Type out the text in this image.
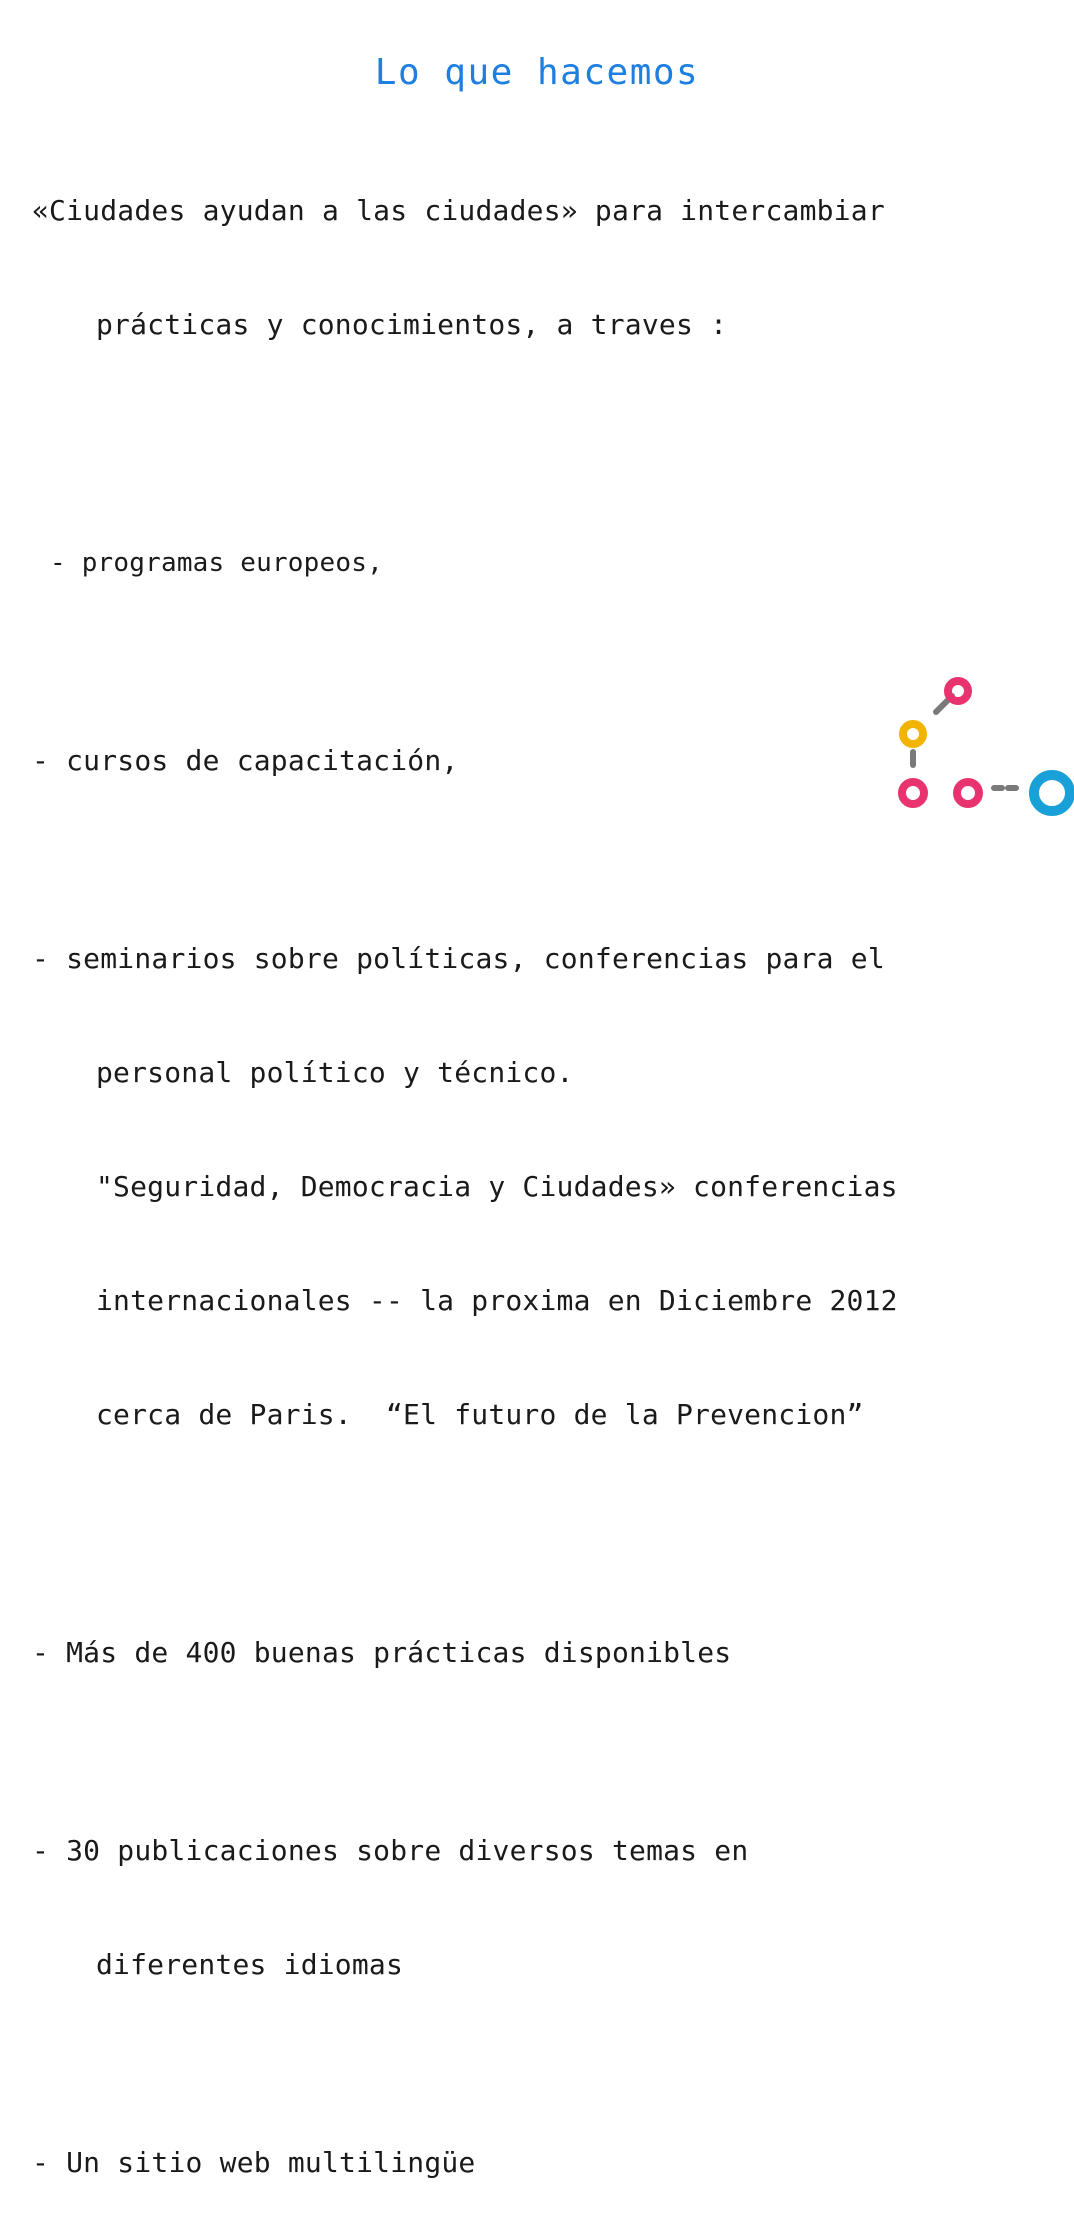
Lo que hacemos

«Ciudades ayudan a las ciudades» para intercambiar

prácticas y conocimientos, a traves :

- programas europeos,

- cursos de capacitación,

- seminarios sobre políticas, conferencias para el

personal político y técnico.

"Seguridad, Democracia y Ciudades» conferencias

internacionales -- la proxima en Diciembre 2012

cerca de Paris.  “El futuro de la Prevencion”

- Más de 400 buenas prácticas disponibles

- 30 publicaciones sobre diversos temas en

diferentes idiomas

- Un sitio web multilingüe
